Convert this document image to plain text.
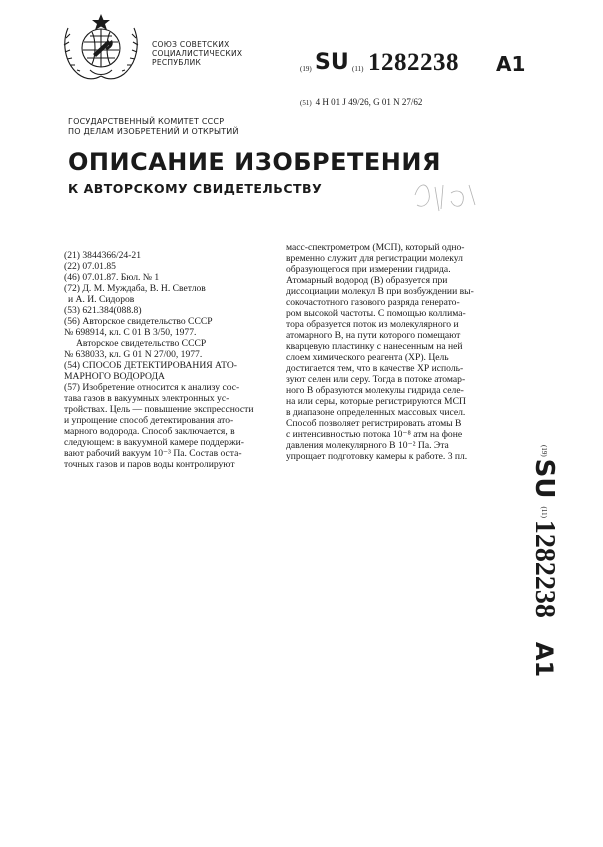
СОЮЗ СОВЕТСКИХ
СОЦИАЛИСТИЧЕСКИХ
РЕСПУБЛИК
(19) SU (11) 1282238 A1
(51) 4 Н 01 J 49/26, G 01 N 27/62
ГОСУДАРСТВЕННЫЙ КОМИТЕТ СССР
ПО ДЕЛАМ ИЗОБРЕТЕНИЙ И ОТКРЫТИЙ
ОПИСАНИЕ ИЗОБРЕТЕНИЯ
К АВТОРСКОМУ СВИДЕТЕЛЬСТВУ
(21) 3844366/24-21
(22) 07.01.85
(46) 07.01.87. Бюл. № 1
(72) Д. М. Муждаба, В. Н. Светлов
и А. И. Сидоров
(53) 621.384(088.8)
(56) Авторское свидетельство СССР
№ 698914, кл. С 01 В 3/50, 1977.
Авторское свидетельство СССР
№ 638033, кл. G 01 N 27/00, 1977.
(54) СПОСОБ ДЕТЕКТИРОВАНИЯ АТО-
МАРНОГО ВОДОРОДА
(57) Изобретение относится к анализу сос-
тава газов в вакуумных электронных ус-
тройствах. Цель — повышение экспрессности
и упрощение способ детектирования ато-
марного водорода. Способ заключается, в
следующем: в вакуумной камере поддержи-
вают рабочий вакуум 10⁻³ Па. Состав оста-
точных газов и паров воды контролируют
масс-спектрометром (МСП), который одно-
временно служит для регистрации молекул
образующегося при измерении гидрида.
Атомарный водород (В) образуется при
диссоциации молекул В при возбуждении вы-
сокочастотного газового разряда генерато-
ром высокой частоты. С помощью коллима-
тора образуется поток из молекулярного и
атомарного В, на пути которого помещают
кварцевую пластинку с нанесенным на ней
слоем химического реагента (ХР). Цель
достигается тем, что в качестве ХР исполь-
зуют селен или серу. Тогда в потоке атомар-
ного В образуются молекулы гидрида селе-
на или серы, которые регистрируются МСП
в диапазоне определенных массовых чисел.
Способ позволяет регистрировать атомы В
с интенсивностью потока 10⁻⁸ атм на фоне
давления молекулярного В 10⁻² Па. Эта
упрощает подготовку камеры к работе. 3 пл.	(19)
SU
(11)
1282238
A1
